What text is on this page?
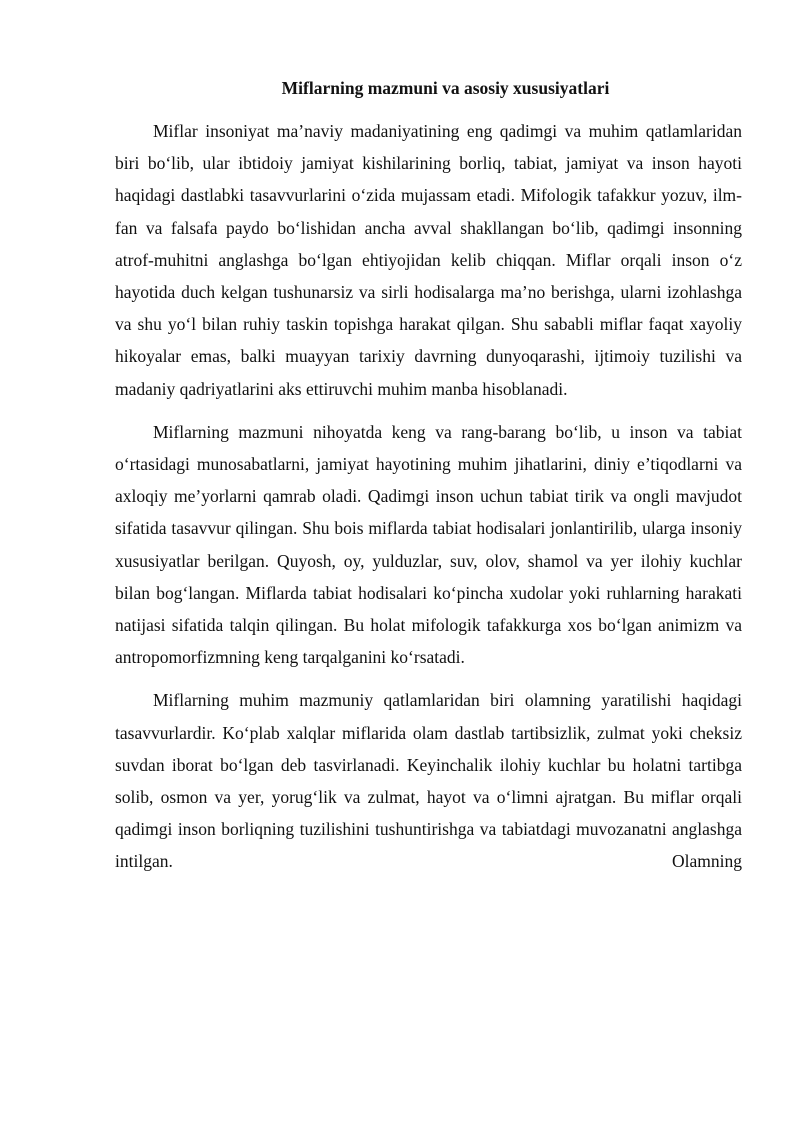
Miflarning mazmuni va asosiy xususiyatlari

Miflar insoniyat ma’naviy madaniyatining eng qadimgi va muhim qatlamlaridan biri bo‘lib, ular ibtidoiy jamiyat kishilarining borliq, tabiat, jamiyat va inson hayoti haqidagi dastlabki tasavvurlarini o‘zida mujassam etadi. Mifologik tafakkur yozuv, ilm-fan va falsafa paydo bo‘lishidan ancha avval shakllangan bo‘lib, qadimgi insonning atrof-muhitni anglashga bo‘lgan ehtiyojidan kelib chiqqan. Miflar orqali inson o‘z hayotida duch kelgan tushunarsiz va sirli hodisalarga ma’no berishga, ularni izohlashga va shu yo‘l bilan ruhiy taskin topishga harakat qilgan. Shu sababli miflar faqat xayoliy hikoyalar emas, balki muayyan tarixiy davrning dunyoqarashi, ijtimoiy tuzilishi va madaniy qadriyatlarini aks ettiruvchi muhim manba hisoblanadi.

Miflarning mazmuni nihoyatda keng va rang-barang bo‘lib, u inson va tabiat o‘rtasidagi munosabatlarni, jamiyat hayotining muhim jihatlarini, diniy e’tiqodlarni va axloqiy me’yorlarni qamrab oladi. Qadimgi inson uchun tabiat tirik va ongli mavjudot sifatida tasavvur qilingan. Shu bois miflarda tabiat hodisalari jonlantirilib, ularga insoniy xususiyatlar berilgan. Quyosh, oy, yulduzlar, suv, olov, shamol va yer ilohiy kuchlar bilan bog‘langan. Miflarda tabiat hodisalari ko‘pincha xudolar yoki ruhlarning harakati natijasi sifatida talqin qilingan. Bu holat mifologik tafakkurga xos bo‘lgan animizm va antropomorfizmning keng tarqalganini ko‘rsatadi.

Miflarning muhim mazmuniy qatlamlaridan biri olamning yaratilishi haqidagi tasavvurlardir. Ko‘plab xalqlar miflarida olam dastlab tartibsizlik, zulmat yoki cheksiz suvdan iborat bo‘lgan deb tasvirlanadi. Keyinchalik ilohiy kuchlar bu holatni tartibga solib, osmon va yer, yorug‘lik va zulmat, hayot va o‘limni ajratgan. Bu miflar orqali qadimgi inson borliqning tuzilishini tushuntirishga va tabiatdagi muvozanatni anglashga intilgan. Olamning
